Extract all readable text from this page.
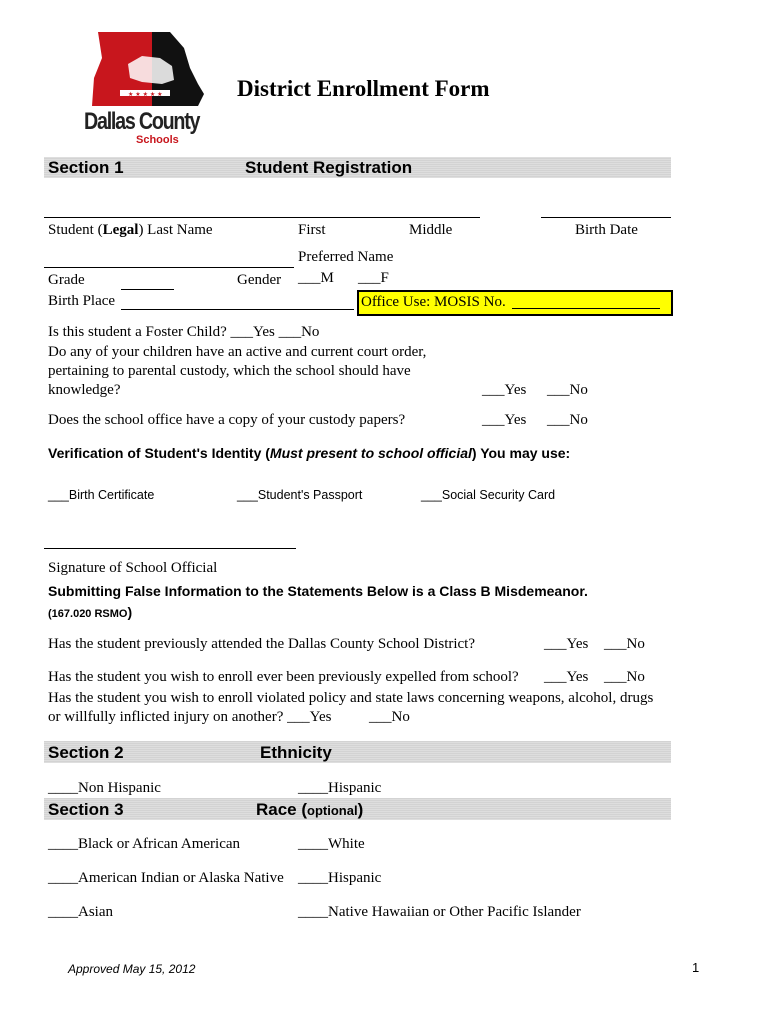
★ ★ ★ ★ ★
Dallas County
Schools
District Enrollment Form
Section 1	Student Registration
Student (Legal) Last Name	First	Middle	Birth Date
Preferred Name
Grade	Gender ___M ___F
Birth Place	Office Use: MOSIS No.
Is this student a Foster Child? ___Yes ___No
Do any of your children have an active and current court order,
pertaining to parental custody, which the school should have
knowledge?	___Yes ___No
Does the school office have a copy of your custody papers?	___Yes ___No
Verification of Student's Identity (Must present to school official) You may use:
___Birth Certificate	___Student's Passport	___Social Security Card
Signature of School Official
Submitting False Information to the Statements Below is a Class B Misdemeanor.
(167.020 RSMO)
Has the student previously attended the Dallas County School District?	___Yes ___No
Has the student you wish to enroll ever been previously expelled from school? ___Yes ___No
Has the student you wish to enroll violated policy and state laws concerning weapons, alcohol, drugs
or willfully inflicted injury on another? ___Yes	___No
Section 2	Ethnicity
____Non Hispanic	____Hispanic
Section 3	Race (optional)
____Black or African American	____White
____American Indian or Alaska Native ____Hispanic
____Asian	____Native Hawaiian or Other Pacific Islander
Approved May 15, 2012	1
